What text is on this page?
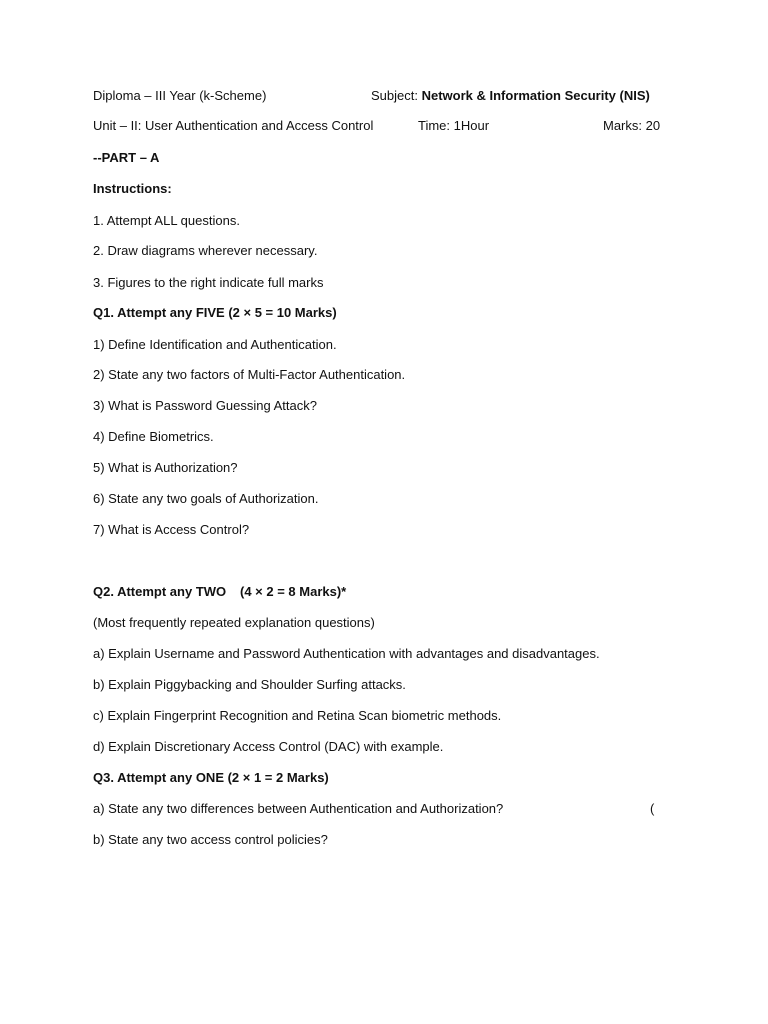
Diploma – III Year (k-Scheme)	Subject: Network & Information Security (NIS)
Unit – II: User Authentication and Access Control	Time: 1Hour	Marks: 20
--PART – A
Instructions:
1. Attempt ALL questions.
2. Draw diagrams wherever necessary.
3. Figures to the right indicate full marks
Q1. Attempt any FIVE (2 × 5 = 10 Marks)
1) Define Identification and Authentication.
2) State any two factors of Multi-Factor Authentication.
3) What is Password Guessing Attack?
4) Define Biometrics.
5) What is Authorization?
6) State any two goals of Authorization.
7) What is Access Control?
Q2. Attempt any TWO (4 × 2 = 8 Marks)*
(Most frequently repeated explanation questions)
a) Explain Username and Password Authentication with advantages and disadvantages.
b) Explain Piggybacking and Shoulder Surfing attacks.
c) Explain Fingerprint Recognition and Retina Scan biometric methods.
d) Explain Discretionary Access Control (DAC) with example.
Q3. Attempt any ONE (2 × 1 = 2 Marks)
a) State any two differences between Authentication and Authorization?	(
b) State any two access control policies?
